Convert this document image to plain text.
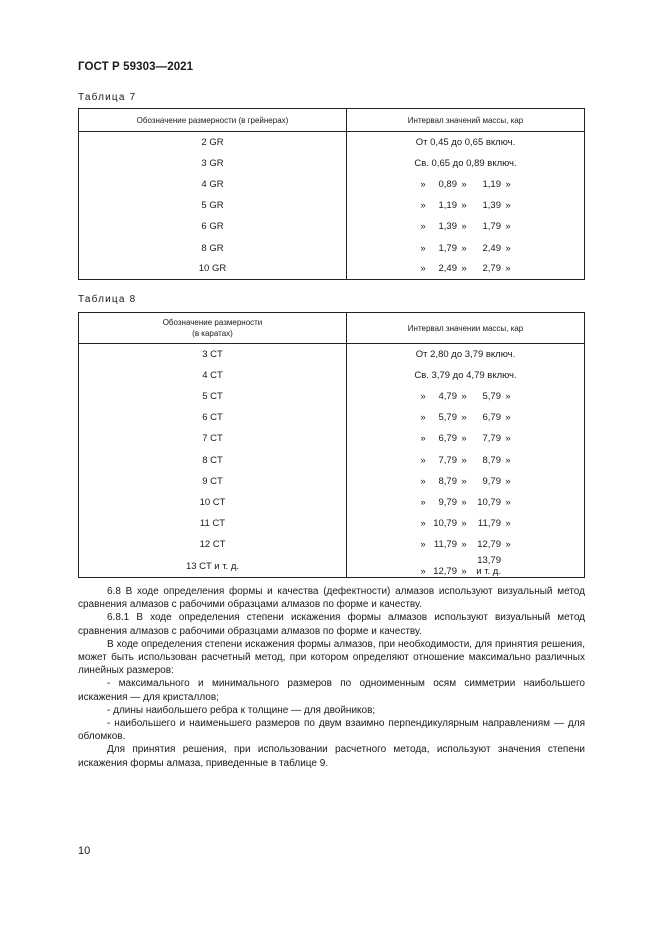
ГОСТ Р 59303—2021
Таблица 7
Обозначение размерности (в грейнерах)	Интервал значений массы, кар
2 GR	От 0,45 до 0,65 включ.
3 GR	Св. 0,65 до 0,89 включ.
4 GR	» 0,89 » 1,19 »
5 GR	» 1,19 » 1,39 »
6 GR	» 1,39 » 1,79 »
8 GR	» 1,79 » 2,49 »
10 GR	» 2,49 » 2,79 »
Таблица 8
Обозначение размерности
(в каратах)	Интервал значении массы, кар
3 CT	От 2,80 до 3,79 включ.
4 CT	Св. 3,79 до 4,79 включ.
5 CT	» 4,79 » 5,79 »
6 CT	» 5,79 » 6,79 »
7 CT	» 6,79 » 7,79 »
8 CT	» 7,79 » 8,79 »
9 CT	» 8,79 » 9,79 »
10 CT	» 9,79 » 10,79 »
11 CT	» 10,79 » 11,79 »
12 CT	» 11,79 » 12,79 »
13 CT и т. д.	» 12,79 »13,79 и т. д.

6.8 В ходе определения формы и качества (дефектности) алмазов используют визуальный метод сравнения алмазов с рабочими образцами алмазов по форме и качеству.

6.8.1 В ходе определения степени искажения формы алмазов используют визуальный метод сравнения алмазов с рабочими образцами алмазов по форме и качеству.

В ходе определения степени искажения формы алмазов, при необходимости, для принятия решения, может быть использован расчетный метод, при котором определяют отношение максимально различных линейных размеров:

- максимального и минимального размеров по одноименным осям симметрии наибольшего искажения — для кристаллов;

- длины наибольшего ребра к толщине — для двойников;

- наибольшего и наименьшего размеров по двум взаимно перпендикулярным направлениям — для обломков.

Для принятия решения, при использовании расчетного метода, используют значения степени искажения формы алмаза, приведенные в таблице 9.

10
